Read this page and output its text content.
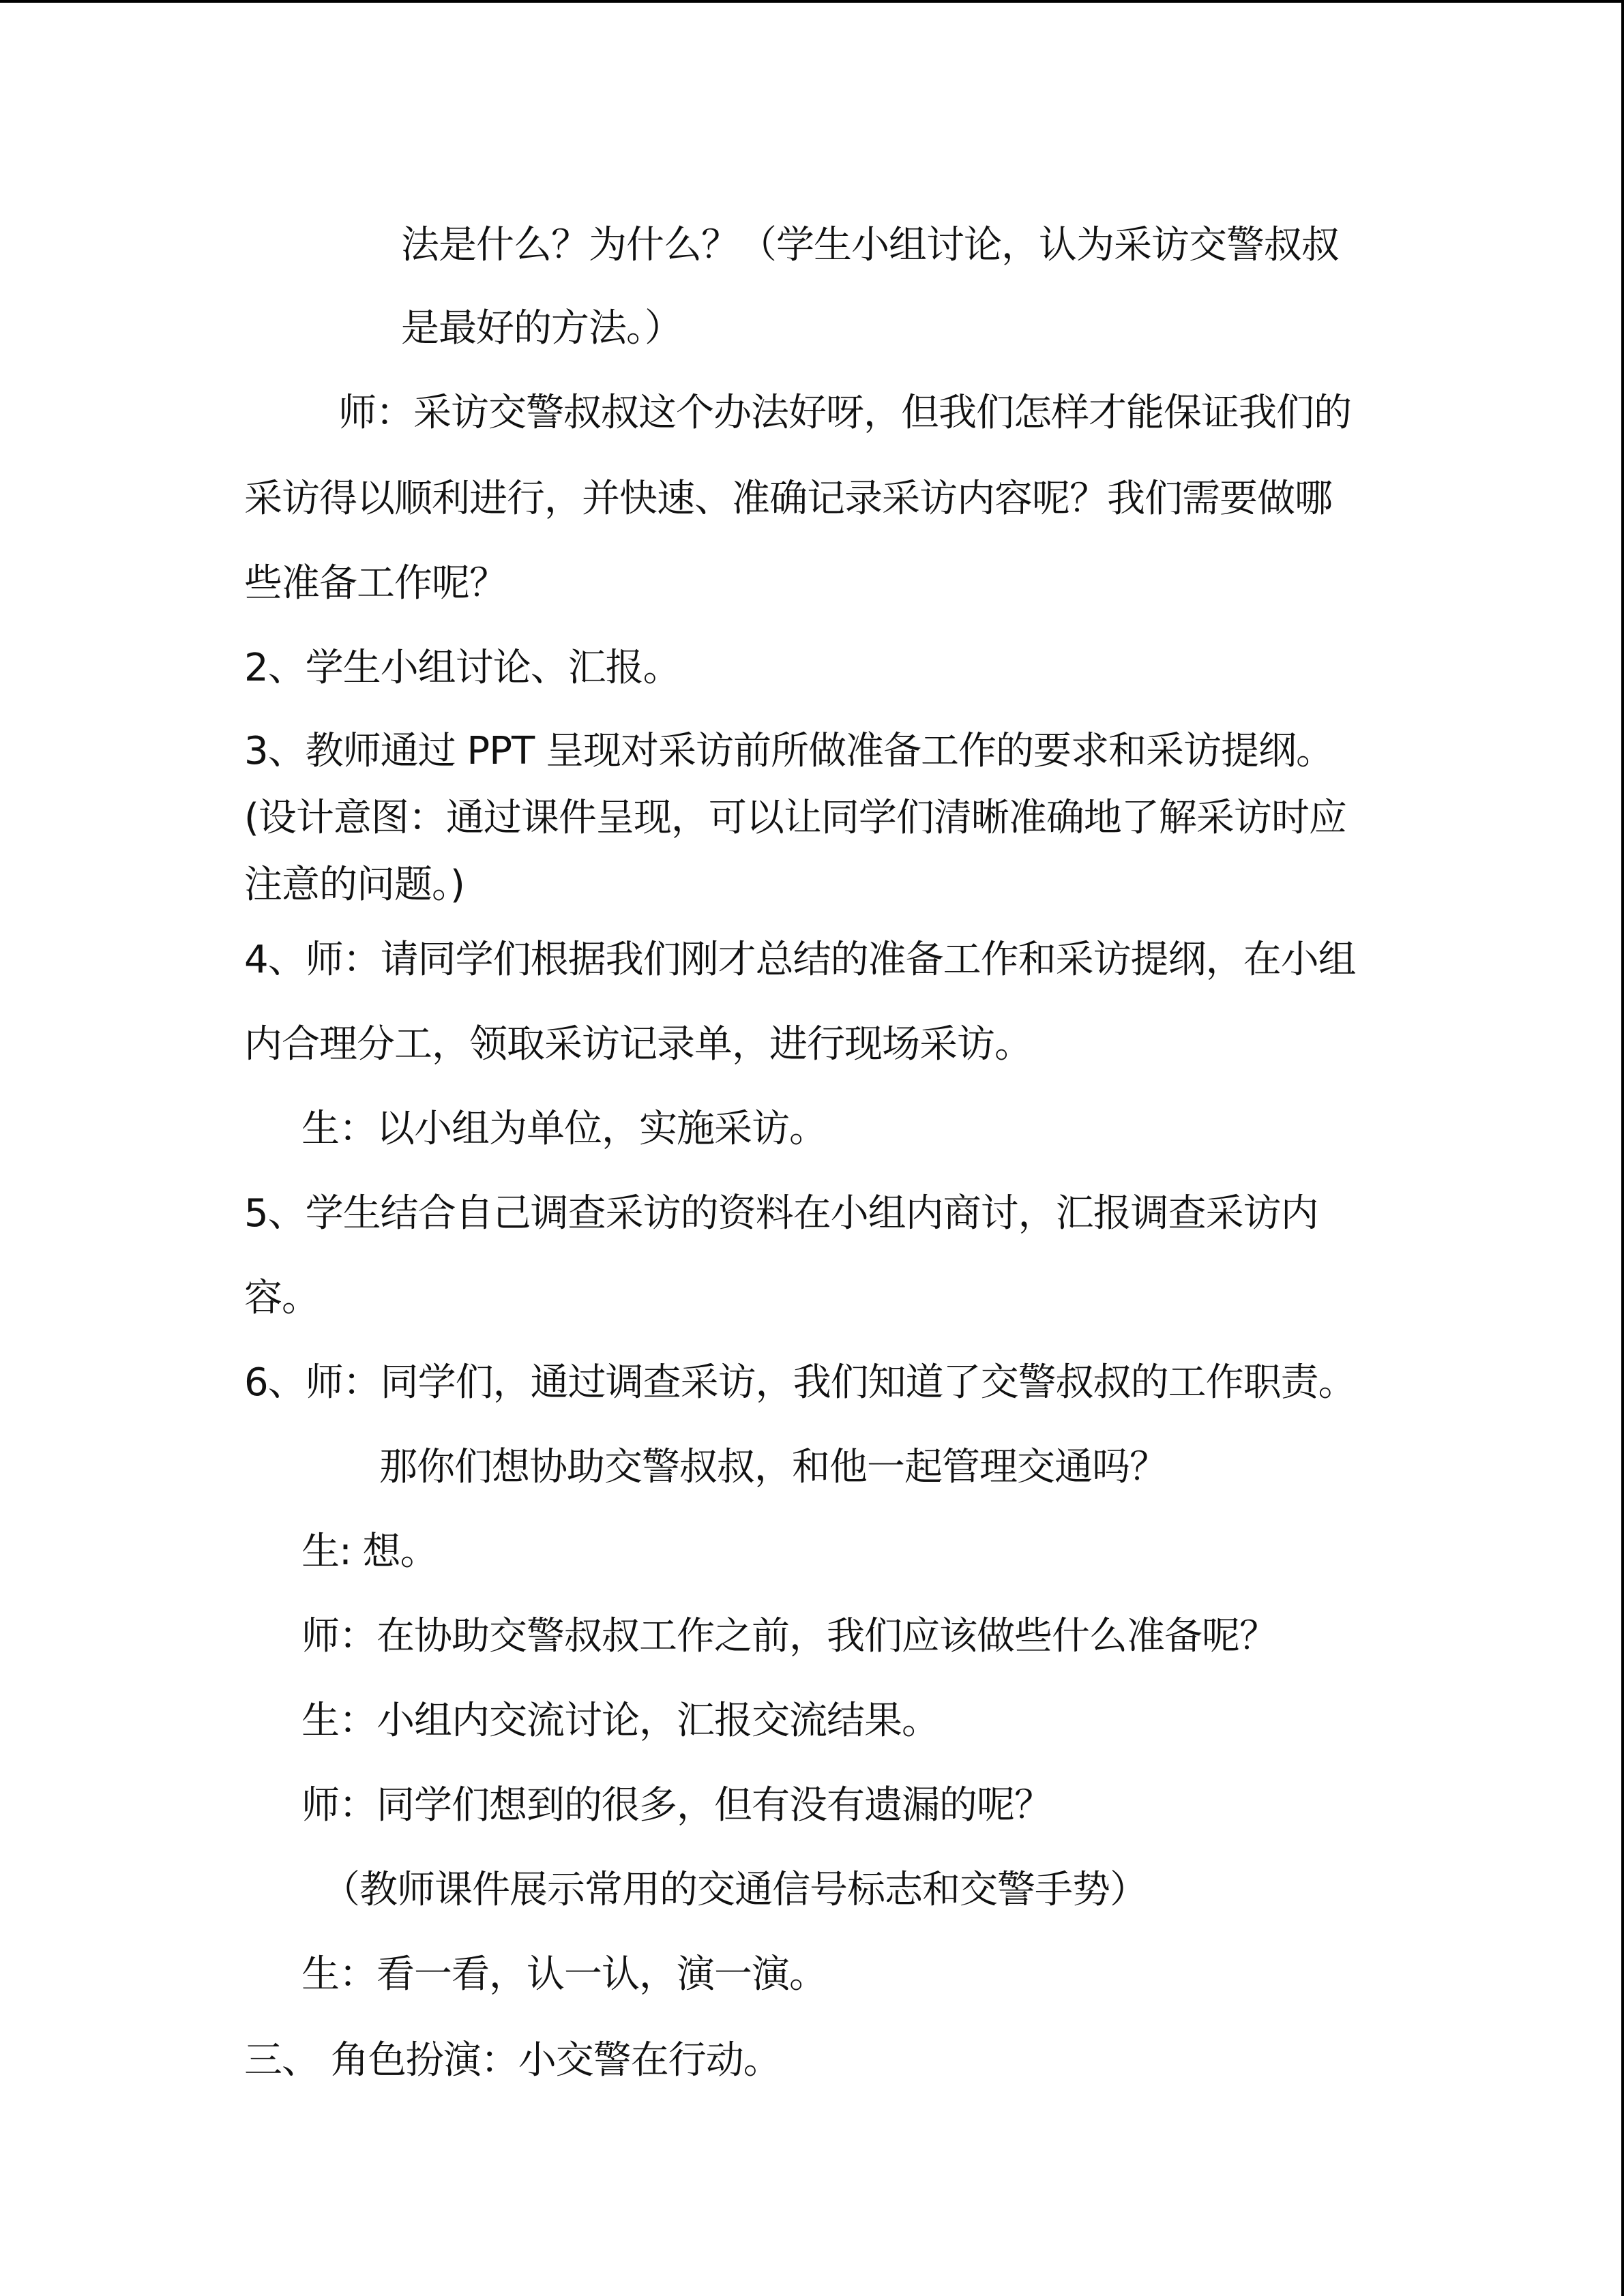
法是什么？为什么？（学生小组讨论，认为采访交警叔叔
是最好的方法。）
师：采访交警叔叔这个办法好呀，但我们怎样才能保证我们的
采访得以顺利进行，并快速、准确记录采访内容呢？我们需要做哪
些准备工作呢？
2、学生小组讨论、汇报。
3、教师通过 PPT 呈现对采访前所做准备工作的要求和采访提纲。
(设计意图：通过课件呈现，可以让同学们清晰准确地了解采访时应
注意的问题。)
4、师：请同学们根据我们刚才总结的准备工作和采访提纲，在小组
内合理分工，领取采访记录单，进行现场采访。
生：以小组为单位，实施采访。
5、学生结合自己调查采访的资料在小组内商讨，汇报调查采访内
容。
6、师：同学们，通过调查采访，我们知道了交警叔叔的工作职责。
那你们想协助交警叔叔，和他一起管理交通吗？
生: 想。
师：在协助交警叔叔工作之前，我们应该做些什么准备呢？
生：小组内交流讨论，汇报交流结果。
师：同学们想到的很多，但有没有遗漏的呢？
（教师课件展示常用的交通信号标志和交警手势）
生：看一看，认一认，演一演。
三、 角色扮演：小交警在行动。
